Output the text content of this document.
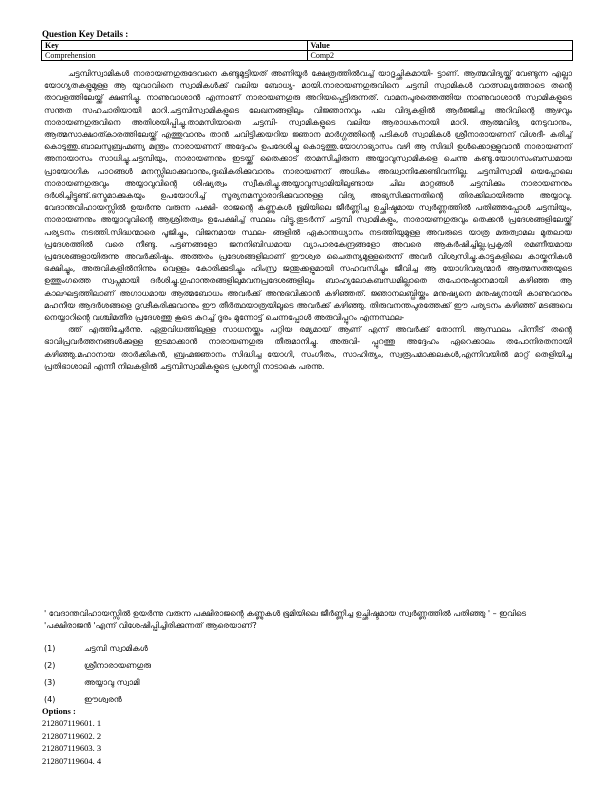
Question Key Details :
Key	Value
Comprehension	Comp2

ചട്ടമ്പിസ്വാമികൾ നാരായണഗുരുദേവനെ കണ്ടുമുട്ടിയത് അണിയൂർ ക്ഷേത്രത്തിൽവച്ച് യാദൃച്ഛികമായി- ട്ടാണ്. ആത്മവിദ്യയ്ക്ക് വേണ്ടുന്ന എല്ലാ യോഗ്യതകളുമുള്ള ആ യുവാവിനെ സ്വാമികൾക്ക് വലിയ ബോധ്യ- മായി.നാരായണഗുരുവിനെ ചട്ടമ്പി സ്വാമികൾ വാത്സല്യത്തോടെ തന്റെ താവളത്തിലേയ്ക്ക് ക്ഷണിച്ചു. നാണുവാശാൻ എന്നാണ് നാരായണഗുരു അറിയപ്പെട്ടിരുന്നത്. വാമനപുരത്തെത്തിയ നാണുവാശാൻ സ്വാമികളുടെ സന്തത സഹചാരിയായി മാറി.ചട്ടമ്പിസ്വാമികളുടെ ലേഖനങ്ങളിലും വിജ്ഞാനവും പല വിദ്യകളിൽ ആർജ്ജിച്ച അറിവിന്റെ ആഴവും നാരായണഗുരുവിനെ അതിശയിപ്പിച്ചു.താമസിയാതെ ചട്ടമ്പി- സ്വാമികളുടെ വലിയ ആരാധകനായി മാറി. ആത്മവിദ്യ നേടുവാനും, ആത്മസാക്ഷാത്കാരത്തിലേയ്ക്ക് എത്തുവാനും താൻ ചവിട്ടിക്കയറിയ ജ്ഞാന മാർഗ്ഗത്തിന്റെ പടികൾ സ്വാമികൾ ശ്രീനാരായണന് വിശദീ- കരിച്ച് കൊടുത്തു.ബാലസുബ്രഹ്മണ്യ മന്ത്രം നാരായണന് അദ്ദേഹം ഉപദേശിച്ചു കൊടുത്തു.യോഗാഭ്യാസം വഴി ആ സിദ്ധി ഉൾക്കൊള്ളുവാൻ നാരായണന് അനായാസം സാധിച്ചു.ചട്ടമ്പിയും, നാരായണനും ഇടയ്ക്ക് തൈക്കാട് താമസിച്ചിരുന്ന അയ്യാവുസ്വാമികളെ ചെന്നു കണ്ടു.യോഗസംബന്ധമായ പ്രായോഗിക പാഠങ്ങൾ മനസ്സിലാക്കുവാനും,ദുഃഖികരിക്കുവാനും നാരായണന് അധികം അദ്ധ്വാനിക്കേണ്ടിവന്നില്ല. ചട്ടമ്പിസ്വാമി യെപ്പോലെ നാരായണഗുരുവും അയ്യാവുവിന്റെ ശിഷ്യത്വം സ്വീകരിച്ചു.അയ്യാവുസ്വാമിയിലുണ്ടായ ചില മാറ്റങ്ങൾ ചട്ടമ്പിക്കും നാരായണനും ദർശിച്ചിട്ടുണ്ട്.ഭസ്മമാക്കുകയും ഉപയോഗിച്ച് സൂര്യനമസ്കാരാദിക്കുവാനുള്ള വിദ്യ അഭ്യസിക്കുന്നതിന്റെ തിരക്കിലായിരുന്നു അയ്യാവു. വേദാന്തവിഹായസ്സിൽ ഉയർന്നു വരുന്ന പക്ഷി- രാജന്റെ കണ്ണുകൾ ഭൂമിയിലെ ജീർണ്ണിച്ച ഉച്ഛിഷ്ടമായ സ്വർണ്ണത്തിൽ പതിഞ്ഞപ്പോൾ ചട്ടമ്പിയും, നാരായണനും അയ്യാവുവിന്റെ ആശ്രിതത്വം ഉപേക്ഷിച്ച് സ്ഥലം വിട്ടു.തുടർന്ന് ചട്ടമ്പി സ്വാമികളും, നാരായണഗുരുവും തെക്കൻ പ്രദേശങ്ങളിലേയ്ക്ക് പര്യടനം നടത്തി.സിദ്ധന്മാരെ പൂജിച്ചും, വിജനമായ സ്ഥല- ങ്ങളിൽ ഏകാന്തധ്യാനം നടത്തിയുമുള്ള അവരുടെ യാത്ര മരുത്വാമല മുതലായ പ്രദേശത്തിൽ വരെ നീണ്ടു. പട്ടണങ്ങളോ ജനനിബിഡമായ വ്യാപാരകേന്ദ്രങ്ങളോ അവരെ ആകർഷിച്ചില്ല.പ്രകൃതി രമണീയമായ പ്രദേശങ്ങളായിരുന്നു അവർക്കിഷ്ടം. അത്തരം പ്രദേശങ്ങളിലാണ് ഈശ്വര ചൈതന്യമുള്ളതെന്ന് അവർ വിശ്വസിച്ചു.കാട്ടുകളിലെ കായ്കനികൾ ഭക്ഷിച്ചും, അരുവികളിൽനിന്നും വെള്ളം കോരിക്കുടിച്ചും ഹിംസ്ര ജന്തുക്കളുമായി സഹവസിച്ചും ജീവിച്ച ആ യോഗിവര്യന്മാർ ആത്മസത്തയുടെ ഉത്തുംഗത്തെ സ്വപ്നമായി ദർശിച്ചു.ഗുഹാന്തരങ്ങളിലുമവനപ്രദേശങ്ങളിലും ബാഹ്യലോകബന്ധമില്ലാതെ തപോനുഷ്ഠാനമായി കഴിഞ്ഞ ആ കാലഘട്ടത്തിലാണ് അഗാധമായ ആത്മബോധം അവർക്ക് അനുഭവിക്കാൻ കഴിഞ്ഞത്. ജ്ഞാനലബ്ധിയ്ക്കും മനുഷ്യനെ മനുഷ്യനായി കാണുവാനും മഹനീയ ആദർശങ്ങളെ ദൃഢീകരിക്കുവാനും ഈ തീർത്ഥയാത്രയിലൂടെ അവർക്ക് കഴിഞ്ഞു. തിരുവനന്തപുരത്തേക്ക് ഈ പര്യടനം കഴിഞ്ഞ് മടങ്ങവെ നെയ്യാറിന്റെ വശ്ചിമതീര പ്രദേശത്തു കൂടെ കുറച്ച് ദൂരം മുന്നോട്ട് ചെന്നപ്പോൾ അരുവിപ്പുറം എന്നസ്ഥല-

ത്ത് എത്തിച്ചേർന്നു. ഏതുവിധത്തിലുള്ള സാധനയ്ക്കും പറ്റിയ രമ്യമായ് ആണ് എന്ന് അവർക്ക് തോന്നി. ആസ്ഥലം പിന്നീട് തന്റെ ഭാവിപ്രവർത്തനങ്ങൾക്കുള്ള ഇടമാക്കാൻ നാരായണഗുരു തീരുമാനിച്ചു. അരുവി- പ്പുറത്തു അദ്ദേഹം ഏറെക്കാലം തപോനിരതനായി കഴിഞ്ഞു.മഹാനായ താർക്കികൻ, ബ്രഹ്മജ്ഞാനം സിദ്ധിച്ച യോഗി, സംഗീതം, സാഹിത്യം, സ്വരൂപമാക്കലകൾ,എന്നിവയിൽ മാറ്റ് തെളിയിച്ച പ്രതിഭാശാലി എന്നീ നിലകളിൽ ചട്ടമ്പിസ്വാമികളുടെ പ്രശസ്തി നാടാകെ പരന്നു.

' വേദാന്തവിഹായസ്സിൽ ഉയർന്നു വരുന്ന പക്ഷിരാജന്റെ കണ്ണുകൾ ഭൂമിയിലെ ജീർണ്ണിച്ച ഉച്ഛിഷ്ടമായ സ്വർണ്ണത്തിൽ പതിഞ്ഞു ' – ഇവിടെ 'പക്ഷിരാജൻ 'എന്ന് വിശേഷിപ്പിച്ചിരിക്കുന്നത് ആരെയാണ്?
(1)	ചട്ടമ്പി സ്വാമികൾ
(2)	ശ്രീനാരായണഗുരു
(3)	അയ്യാവു സ്വാമി
(4)	ഈശ്വരൻ
Options :
212807119601. 1
212807119602. 2
212807119603. 3
212807119604. 4
